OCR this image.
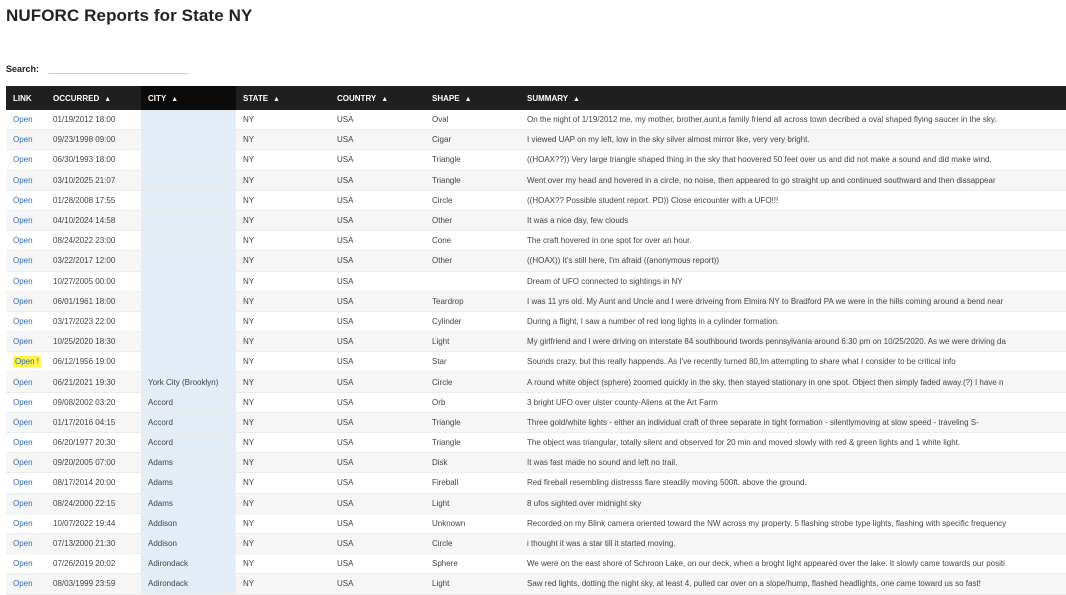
NUFORC Reports for State NY
Search:
LINK	OCCURRED ▲	CITY ▲	STATE ▲	COUNTRY ▲	SHAPE ▲	SUMMARY ▲
Open	01/19/2012 18:00		NY	USA	Oval	On the night of 1/19/2012 me, my mother, brother,aunt,a family friend all across town decribed a oval shaped flying saucer in the sky.
Open	09/23/1998 09:00		NY	USA	Cigar	I viewed UAP on my left, low in the sky silver almost mirror like, very very bright.
Open	06/30/1993 18:00		NY	USA	Triangle	((HOAX??)) Very large triangle shaped thing in the sky that hoovered 50 feet over us and did not make a sound and did make wind.
Open	03/10/2025 21:07		NY	USA	Triangle	Went over my head and hovered in a circle, no noise, then appeared to go straight up and continued southward and then dissappear
Open	01/28/2008 17:55		NY	USA	Circle	((HOAX?? Possible student report. PD)) Close encounter with a UFO!!!
Open	04/10/2024 14:58		NY	USA	Other	It was a nice day, few clouds
Open	08/24/2022 23:00		NY	USA	Cone	The craft hovered in one spot for over an hour.
Open	03/22/2017 12:00		NY	USA	Other	((HOAX)) It's still here, I'm afraid ((anonymous report))
Open	10/27/2005 00:00		NY	USA		Dream of UFO connected to sightings in NY
Open	06/01/1961 18:00		NY	USA	Teardrop	I was 11 yrs old. My Aunt and Uncle and I were driveing from Elmira NY to Bradford PA we were in the hills coming around a bend near
Open	03/17/2023 22:00		NY	USA	Cylinder	During a flight, I saw a number of red long lights in a cylinder formation.
Open	10/25/2020 18:30		NY	USA	Light	My girlfriend and I were driving on interstate 84 southbound twords pennsylvania around 6:30 pm on 10/25/2020. As we were driving da
Open !	06/12/1956 19:00		NY	USA	Star	Sounds crazy, but this really happends. As I've recently turned 80,Im attempting to share what I consider to be critical info
Open	06/21/2021 19:30	York City (Brooklyn)	NY	USA	Circle	A round white object (sphere) zoomed quickly in the sky, then stayed stationary in one spot. Object then simply faded away.(?) I have n
Open	09/08/2002 03:20	Accord	NY	USA	Orb	3 bright UFO over ulster county-Aliens at the Art Farm
Open	01/17/2016 04:15	Accord	NY	USA	Triangle	Three gold/white lights - either an individual craft of three separate in tight formation - silentlymoving at slow speed - traveling S-
Open	06/20/1977 20:30	Accord	NY	USA	Triangle	The object was triangular, totally silent and observed for 20 min and moved slowly with red & green lights and 1 white light.
Open	09/20/2005 07:00	Adams	NY	USA	Disk	It was fast made no sound and left no trail.
Open	08/17/2014 20:00	Adams	NY	USA	Fireball	Red fireball resembling distresss flare steadily moving 500ft. above the ground.
Open	08/24/2000 22:15	Adams	NY	USA	Light	8 ufos sighted over midnight sky
Open	10/07/2022 19:44	Addison	NY	USA	Unknown	Recorded on my Blink camera oriented toward the NW across my property. 5 flashing strobe type lights, flashing with specific frequency
Open	07/13/2000 21:30	Addison	NY	USA	Circle	i thought it was a star till it started moving.
Open	07/26/2019 20:02	Adirondack	NY	USA	Sphere	We were on the east shore of Schroon Lake, on our deck, when a broght light appeared over the lake. It slowly came towards our positi
Open	08/03/1999 23:59	Adirondack	NY	USA	Light	Saw red lights, dotting the night sky, at least 4, pulled car over on a slope/hump, flashed headlights, one came toward us so fast!
